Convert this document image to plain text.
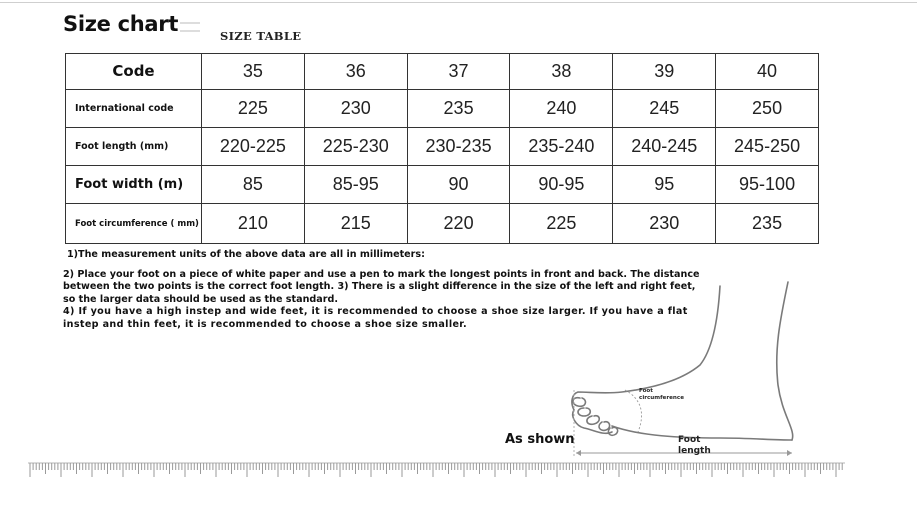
Size chart	SIZE TABLE
Code	35	36	37	38	39	40
International code	225	230	235	240	245	250
Foot length (mm)	220-225	225-230	230-235	235-240	240-245	245-250
Foot width (m)	85	85-95	90	90-95	95	95-100
Foot circumference ( mm)	210	215	220	225	230	235

1)The measurement units of the above data are all in millimeters:

2) Place your foot on a piece of white paper and use a pen to mark the longest points in front and back. The distance between the two points is the correct foot length. 3) There is a slight difference in the size of the left and right feet, so the larger data should be used as the standard.

4) If you have a high instep and wide feet, it is recommended to choose a shoe size larger. If you have a flat instep and thin feet, it is recommended to choose a shoe size smaller.

Foot circumference
Foot length
As shown
